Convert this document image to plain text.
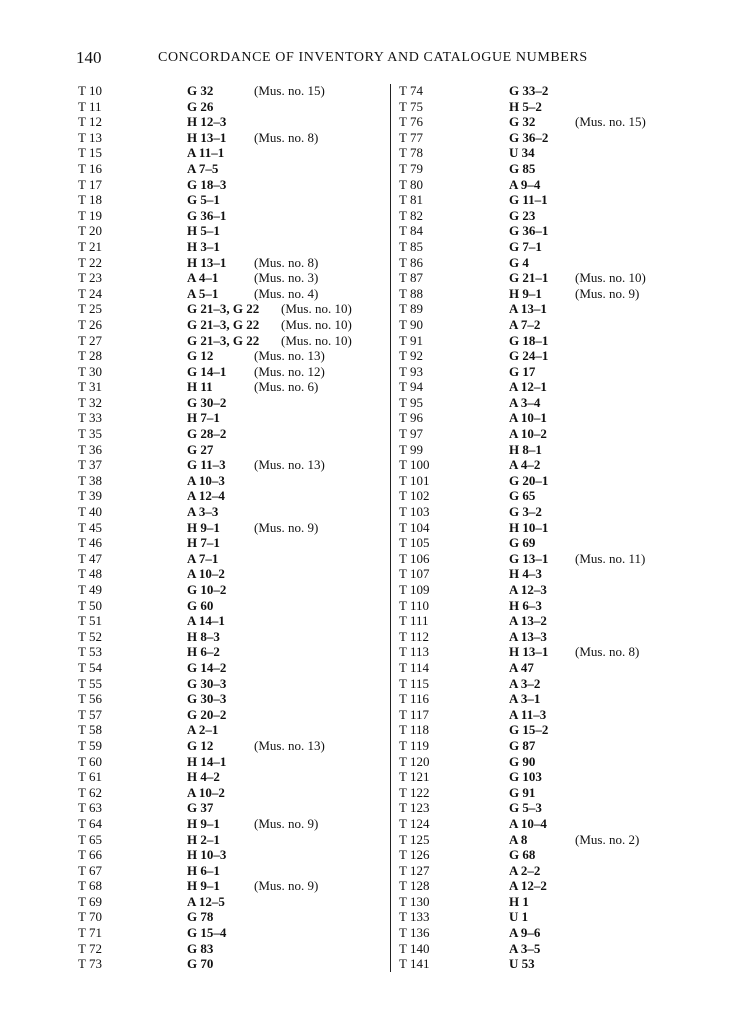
140	CONCORDANCE OF INVENTORY AND CATALOGUE NUMBERS
T 10	G 32	(Mus. no. 15)
T 11	G 26
T 12	H 12–3
T 13	H 13–1 (Mus. no. 8)
T 15	A 11–1
T 16	A 7–5
T 17	G 18–3
T 18	G 5–1
T 19	G 36–1
T 20	H 5–1
T 21	H 3–1
T 22	H 13–1 (Mus. no. 8)
T 23	A 4–1	(Mus. no. 3)
T 24	A 5–1	(Mus. no. 4)
T 25	G 21–3, G 22 (Mus. no. 10)
T 26	G 21–3, G 22 (Mus. no. 10)
T 27	G 21–3, G 22 (Mus. no. 10)
T 28	G 12	(Mus. no. 13)
T 30	G 14–1 (Mus. no. 12)
T 31	H 11	(Mus. no. 6)
T 32	G 30–2
T 33	H 7–1
T 35	G 28–2
T 36	G 27
T 37	G 11–3 (Mus. no. 13)
T 38	A 10–3
T 39	A 12–4
T 40	A 3–3
T 45	H 9–1	(Mus. no. 9)
T 46	H 7–1
T 47	A 7–1
T 48	A 10–2
T 49	G 10–2
T 50	G 60
T 51	A 14–1
T 52	H 8–3
T 53	H 6–2
T 54	G 14–2
T 55	G 30–3
T 56	G 30–3
T 57	G 20–2
T 58	A 2–1
T 59	G 12	(Mus. no. 13)
T 60	H 14–1
T 61	H 4–2
T 62	A 10–2
T 63	G 37
T 64	H 9–1	(Mus. no. 9)
T 65	H 2–1
T 66	H 10–3
T 67	H 6–1
T 68	H 9–1	(Mus. no. 9)
T 69	A 12–5
T 70	G 78
T 71	G 15–4
T 72	G 83
T 73	G 70
T 74	G 33–2
T 75	H 5–2
T 76	G 32	(Mus. no. 15)
T 77	G 36–2
T 78	U 34
T 79	G 85
T 80	A 9–4
T 81	G 11–1
T 82	G 23
T 84	G 36–1
T 85	G 7–1
T 86	G 4
T 87	G 21–1 (Mus. no. 10)
T 88	H 9–1	(Mus. no. 9)
T 89	A 13–1
T 90	A 7–2
T 91	G 18–1
T 92	G 24–1
T 93	G 17
T 94	A 12–1
T 95	A 3–4
T 96	A 10–1
T 97	A 10–2
T 99	H 8–1
T 100	A 4–2
T 101	G 20–1
T 102	G 65
T 103	G 3–2
T 104	H 10–1
T 105	G 69
T 106	G 13–1 (Mus. no. 11)
T 107	H 4–3
T 109	A 12–3
T 110	H 6–3
T 111	A 13–2
T 112	A 13–3
T 113	H 13–1 (Mus. no. 8)
T 114	A 47
T 115	A 3–2
T 116	A 3–1
T 117	A 11–3
T 118	G 15–2
T 119	G 87
T 120	G 90
T 121	G 103
T 122	G 91
T 123	G 5–3
T 124	A 10–4
T 125	A 8	(Mus. no. 2)
T 126	G 68
T 127	A 2–2
T 128	A 12–2
T 130	H 1
T 133	U 1
T 136	A 9–6
T 140	A 3–5
T 141	U 53
